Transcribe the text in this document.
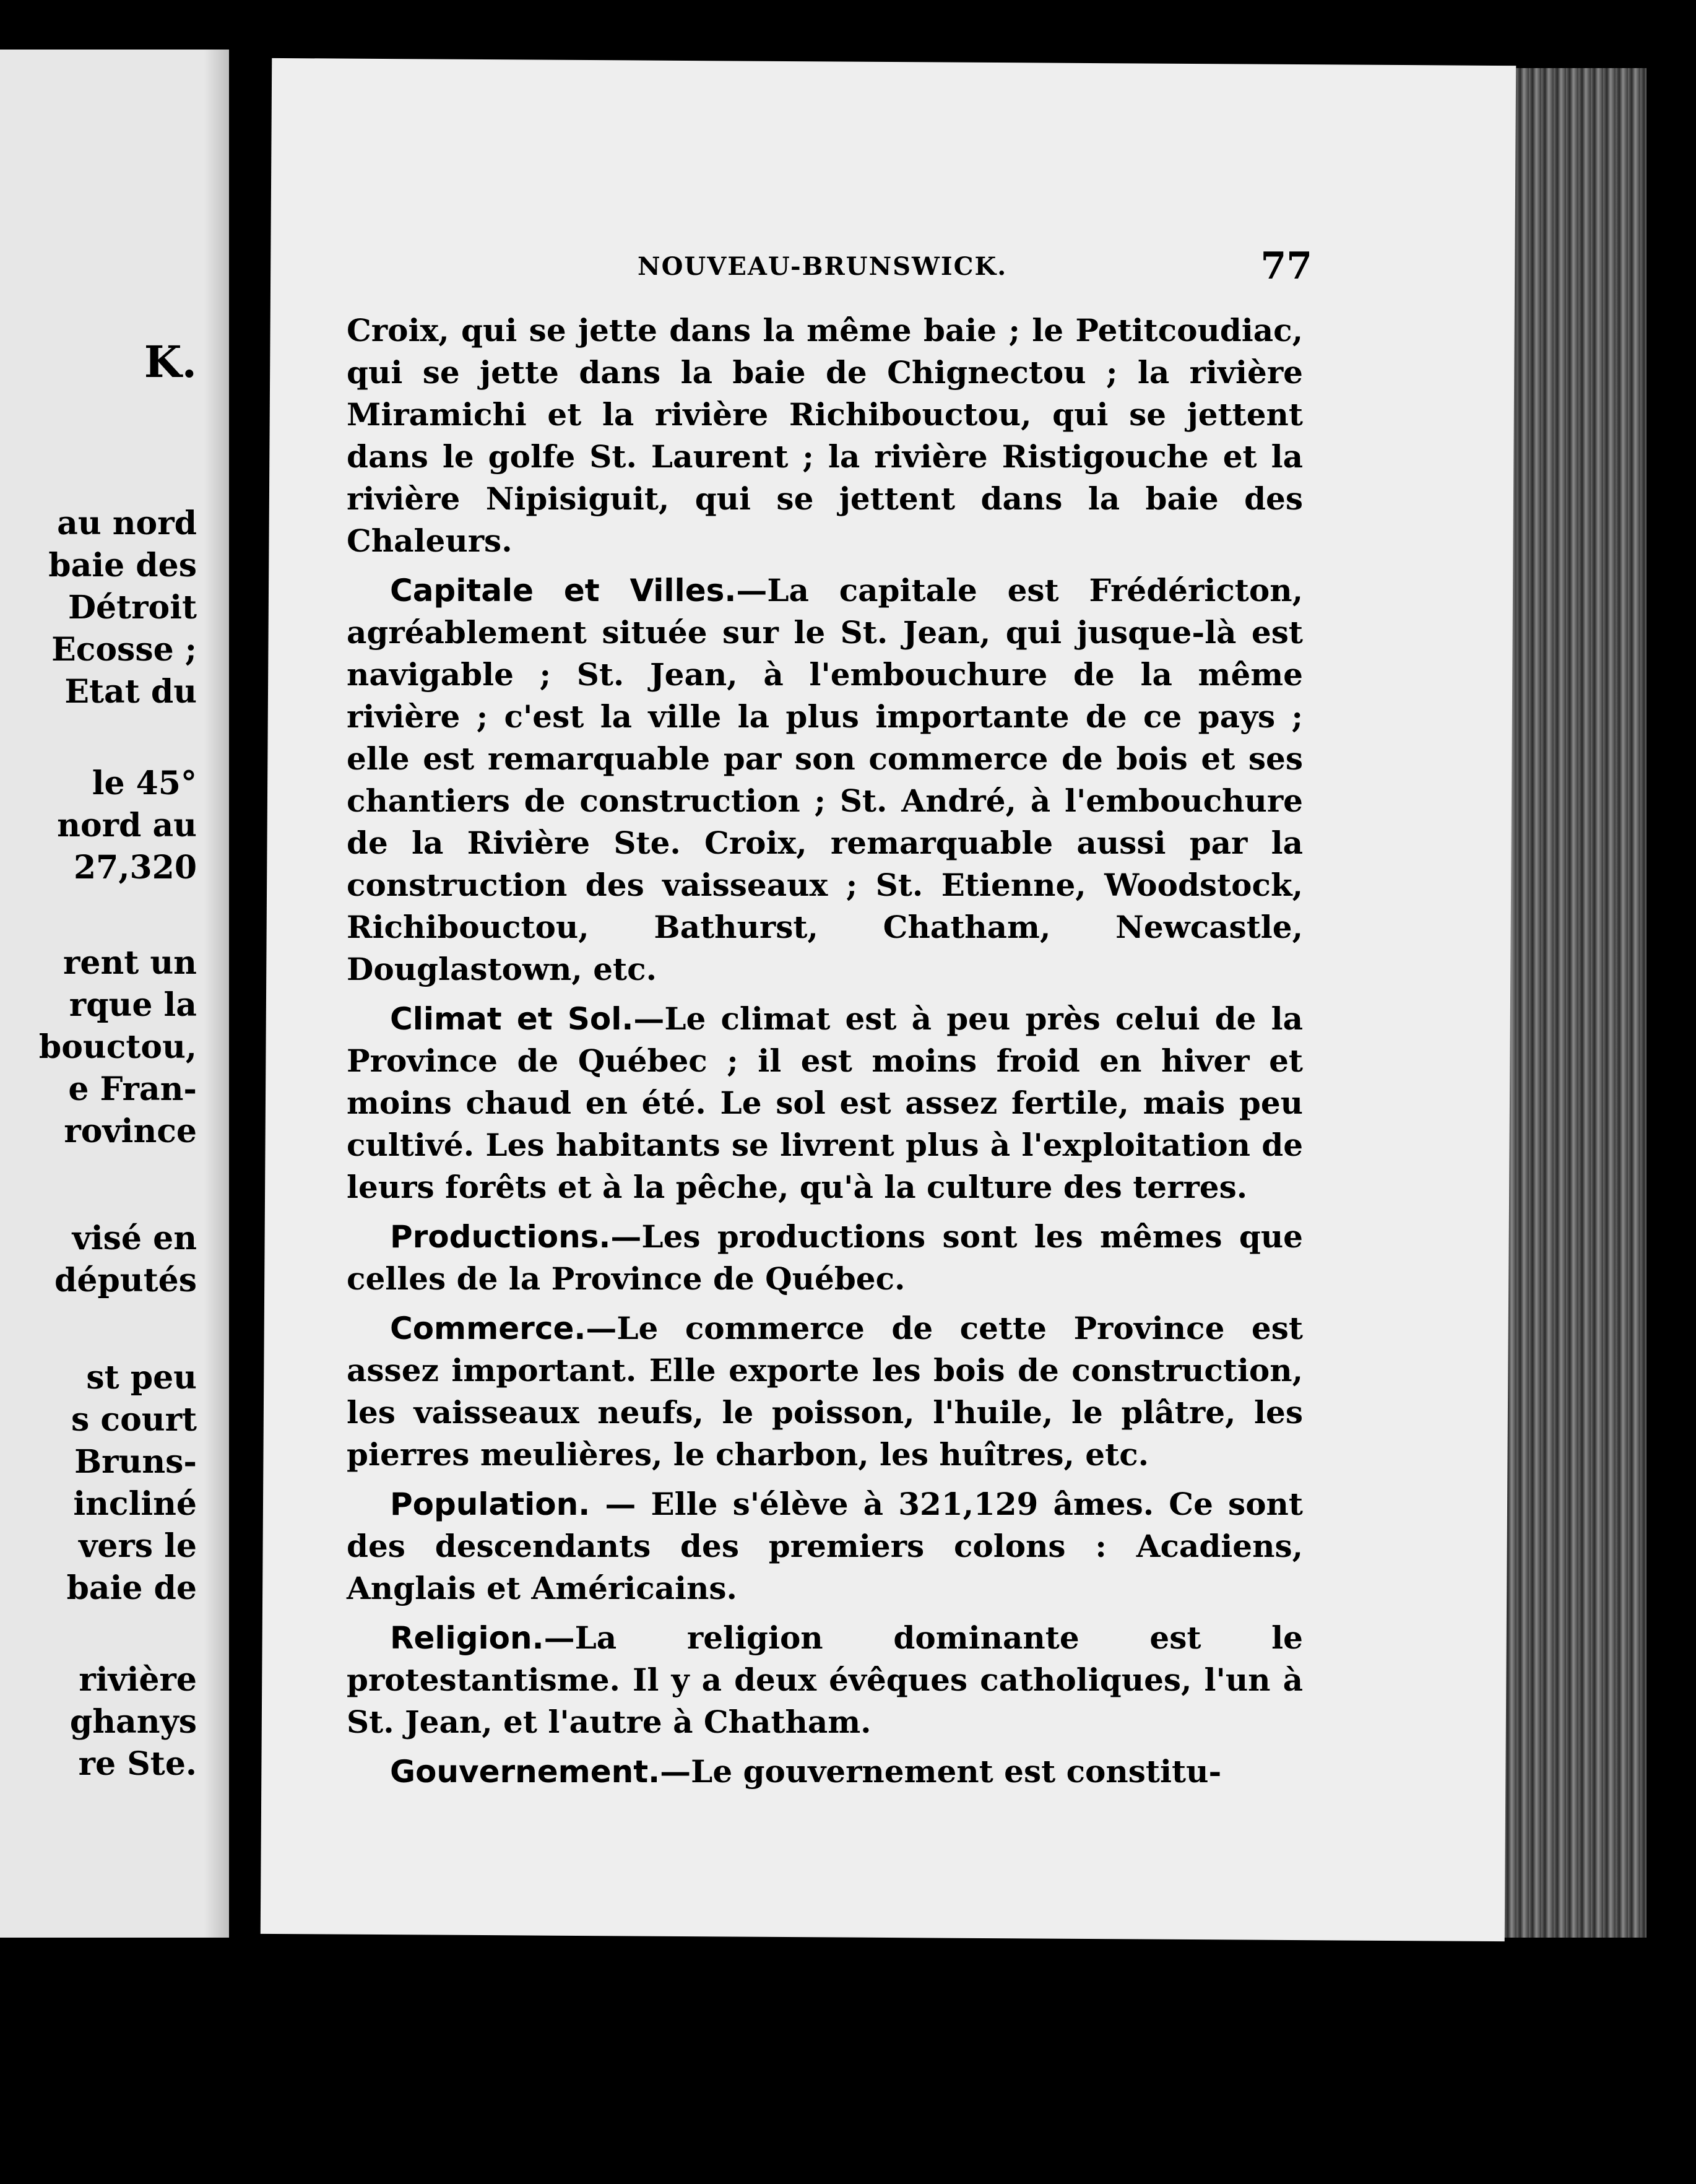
K.
au nord
baie des
Détroit
Ecosse ;
Etat du
le 45°
nord au
27,320
rent un
rque la
bouctou,
e Fran-
rovince
visé en
députés
st peu
s court
Bruns-
incliné
vers le
baie de
rivière
ghanys
re Ste.
NOUVEAU-BRUNSWICK.	77

Croix, qui se jette dans la même baie ; le Petitcoudiac, qui se jette dans la baie de Chignectou ; la rivière Miramichi et la rivière Richibouctou, qui se jettent dans le golfe St. Laurent ; la rivière Ristigouche et la rivière Nipisiguit, qui se jettent dans la baie des Chaleurs.

Capitale et Villes.—La capitale est Frédéricton, agréablement située sur le St. Jean, qui jusque-là est navigable ; St. Jean, à l'embouchure de la même rivière ; c'est la ville la plus importante de ce pays ; elle est remarquable par son commerce de bois et ses chantiers de construction ; St. André, à l'embouchure de la Rivière Ste. Croix, remarquable aussi par la construction des vaisseaux ; St. Etienne, Woodstock, Richibouctou, Bathurst, Chatham, Newcastle, Douglastown, etc.

Climat et Sol.—Le climat est à peu près celui de la Province de Québec ; il est moins froid en hiver et moins chaud en été. Le sol est assez fertile, mais peu cultivé. Les habitants se livrent plus à l'exploitation de leurs forêts et à la pêche, qu'à la culture des terres.

Productions.—Les productions sont les mêmes que celles de la Province de Québec.

Commerce.—Le commerce de cette Province est assez important. Elle exporte les bois de construction, les vaisseaux neufs, le poisson, l'huile, le plâtre, les pierres meulières, le charbon, les huîtres, etc.

Population. — Elle s'élève à 321,129 âmes. Ce sont des descendants des premiers colons : Acadiens, Anglais et Américains.

Religion.—La religion dominante est le protestantisme. Il y a deux évêques catholiques, l'un à St. Jean, et l'autre à Chatham.

Gouvernement.—Le gouvernement est constitu-
